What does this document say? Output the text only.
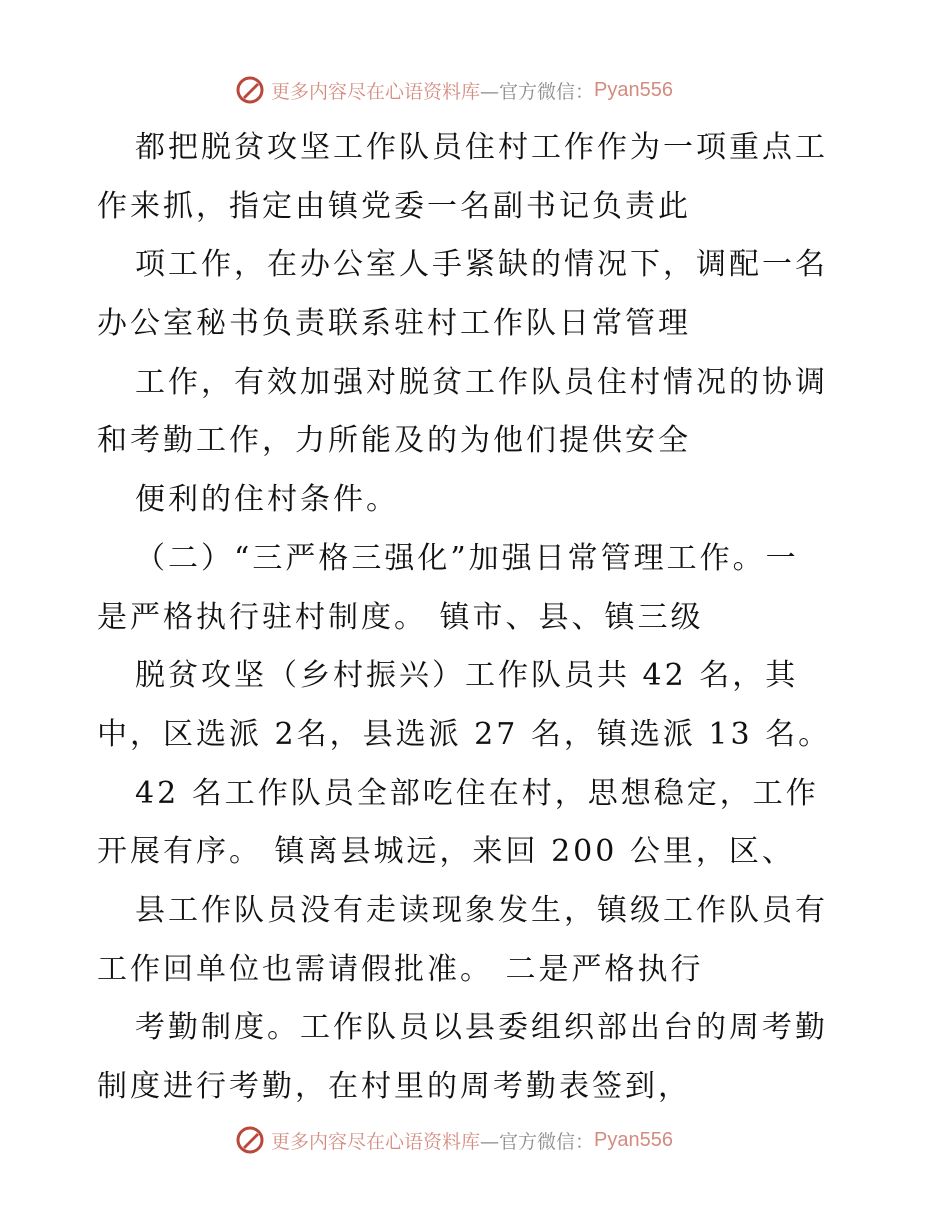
更多内容尽在心语资料库 —官方微信： Pyan556
都把脱贫攻坚工作队员住村工作作为一项重点工
作来抓，指定由镇党委一名副书记负责此
项工作，在办公室人手紧缺的情况下，调配一名
办公室秘书负责联系驻村工作队日常管理
工作，有效加强对脱贫工作队员住村情况的协调
和考勤工作，力所能及的为他们提供安全
便利的住村条件。
（二）“三严格三强化”加强日常管理工作。一
是严格执行驻村制度。 镇市、县、镇三级
脱贫攻坚（乡村振兴）工作队员共 42 名，其
中，区选派 2名，县选派 27 名，镇选派 13 名。
42 名工作队员全部吃住在村，思想稳定，工作
开展有序。 镇离县城远，来回 200 公里，区、
县工作队员没有走读现象发生，镇级工作队员有
工作回单位也需请假批准。 二是严格执行
考勤制度。工作队员以县委组织部出台的周考勤
制度进行考勤，在村里的周考勤表签到，
更多内容尽在心语资料库 —官方微信： Pyan556
